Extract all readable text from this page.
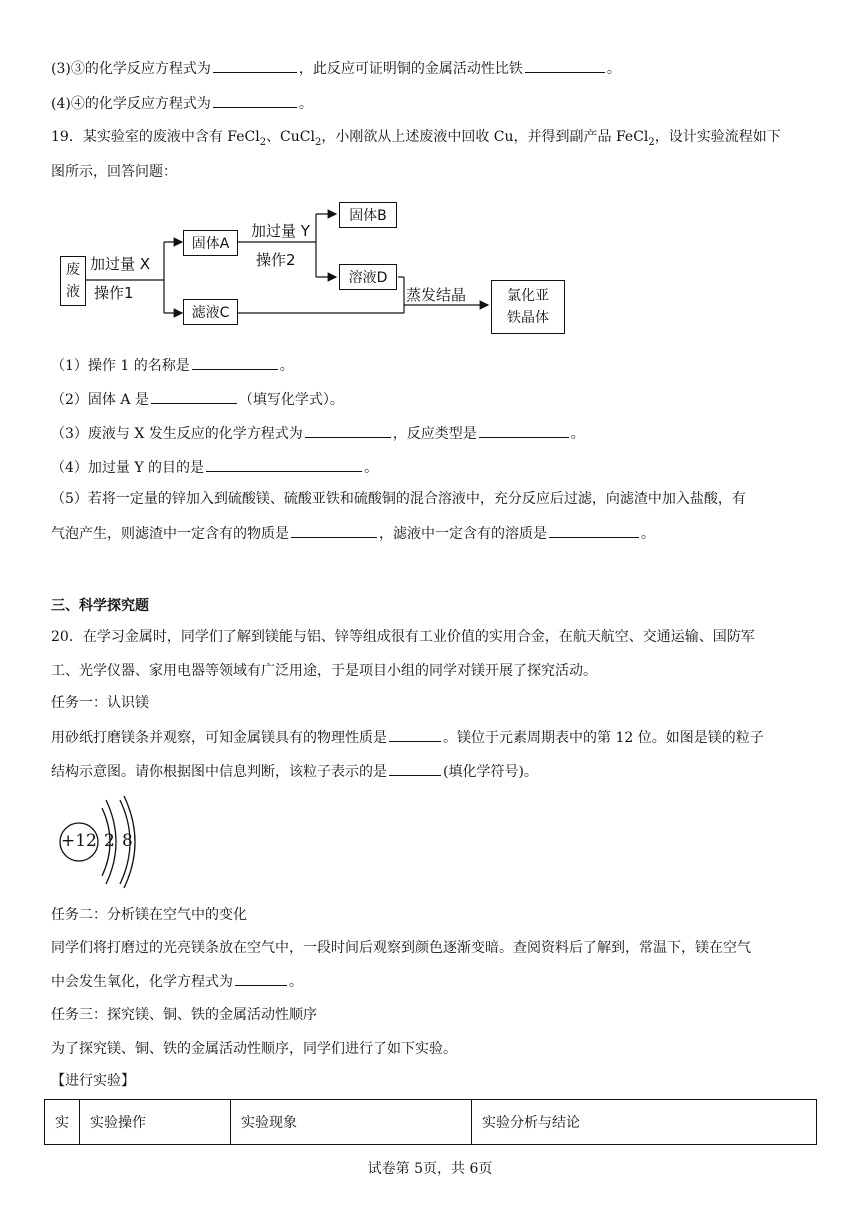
(3)③的化学反应方程式为	，此反应可证明铜的金属活动性比铁	。
(4)④的化学反应方程式为	。
19．某实验室的废液中含有 FeCl$_2$、CuCl$_2$，小刚欲从上述废液中回收 Cu，并得到副产品 FeCl$_2$，设计实验流程如下
图所示，回答问题：
废
液
加过量 X
操作1
固体A
加过量 Y
操作2
固体B
溶液D
滤液C
蒸发结晶	氯化亚
铁晶体
（1）操作 1 的名称是	。
（2）固体 A 是	（填写化学式）。
（3）废液与 X 发生反应的化学方程式为	，反应类型是	。
（4）加过量 Y 的目的是	。
（5）若将一定量的锌加入到硫酸镁、硫酸亚铁和硫酸铜的混合溶液中，充分反应后过滤，向滤渣中加入盐酸，有
气泡产生，则滤渣中一定含有的物质是	，滤液中一定含有的溶质是	。
三、科学探究题
20．在学习金属时，同学们了解到镁能与铝、锌等组成很有工业价值的实用合金，在航天航空、交通运输、国防军
工、光学仪器、家用电器等领域有广泛用途，于是项目小组的同学对镁开展了探究活动。
任务一：认识镁
用砂纸打磨镁条并观察，可知金属镁具有的物理性质是	。镁位于元素周期表中的第 12 位。如图是镁的粒子
结构示意图。请你根据图中信息判断，该粒子表示的是	(填化学符号)。
+12 2 8
任务二：分析镁在空气中的变化
同学们将打磨过的光亮镁条放在空气中，一段时间后观察到颜色逐渐变暗。查阅资料后了解到，常温下，镁在空气
中会发生氧化，化学方程式为	。
任务三：探究镁、铜、铁的金属活动性顺序
为了探究镁、铜、铁的金属活动性顺序，同学们进行了如下实验。
【进行实验】
实	实验操作	实验现象	实验分析与结论
试卷第 5页，共 6页
